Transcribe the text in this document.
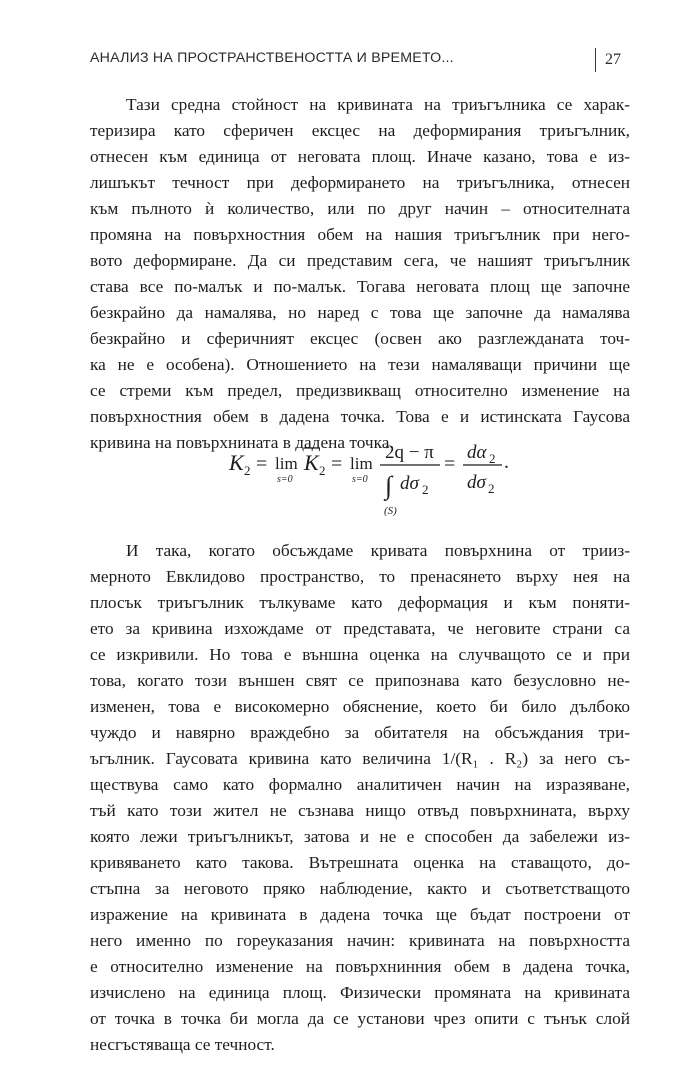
АНАЛИЗ НА ПРОСТРАНСТВЕНОСТТА И ВРЕМЕТО...	27
Тази средна стойност на кривината на триъгълника се харак-
теризира като сферичен ексцес на деформирания триъгълник,
отнесен към единица от неговата площ. Иначе казано, това е из-
лишъкът течност при деформирането на триъгълника, отнесен
към пълното ѝ количество, или по друг начин – относителната
промяна на повърхностния обем на нашия триъгълник при него-
вото деформиране. Да си представим сега, че нашият триъгълник
става все по-малък и по-малък. Тогава неговата площ ще започне
безкрайно да намалява, но наред с това ще започне да намалява
безкрайно и сферичният ексцес (освен ако разглежданата точ-
ка не е особена). Отношението на тези намаляващи причини ще
се стреми към предел, предизвикващ относително изменение на
повърхностния обем в дадена точка. Това е и истинската Гаусова
кривина на повърхнината в дадена точка.
K 2 = lim
s=0
K 2 = lim
s=0
2q − π
∫ dσ 2
(S)
=
dα 2
dσ 2
.
И така, когато обсъждаме кривата повърхнина от трииз-
мерното Евклидово пространство, то пренасянето върху нея на
плосък триъгълник тълкуваме като деформация и към поняти-
ето за кривина изхождаме от представата, че неговите страни са
се изкривили. Но това е външна оценка на случващото се и при
това, когато този външен свят се припознава като безусловно не-
изменен, това е високомерно обяснение, което би било дълбоко
чуждо и навярно враждебно за обитателя на обсъждания три-
ъгълник. Гаусовата кривина като величина 1/(R₁ . R₂) за него съ-
ществува само като формално аналитичен начин на изразяване,
тъй като този жител не съзнава нищо отвъд повърхнината, върху
която лежи триъгълникът, затова и не е способен да забележи из-
кривяването като такова. Вътрешната оценка на ставащото, до-
стъпна за неговото пряко наблюдение, както и съответстващото
изражение на кривината в дадена точка ще бъдат построени от
него именно по гореуказания начин: кривината на повърхността
е относително изменение на повърхнинния обем в дадена точка,
изчислено на единица площ. Физически промяната на кривината
от точка в точка би могла да се установи чрез опити с тънък слой
несгъстяваща се течност.
